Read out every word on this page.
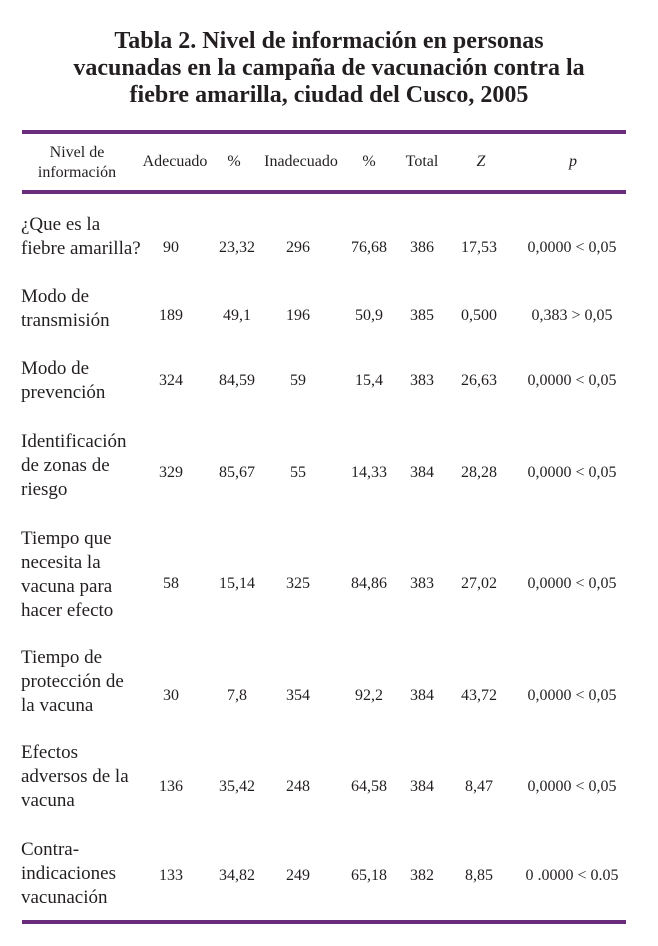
Tabla 2. Nivel de información en personas
vacunadas en la campaña de vacunación contra la
fiebre amarilla, ciudad del Cusco, 2005
Nivel de
información
Adecuado	%	Inadecuado	%	Total	Z	p
¿Que es la
fiebre amarilla?	90	23,32	296	76,68	386	17,53	0,0000 < 0,05
Modo de
transmisión	189	49,1	196	50,9	385	0,500	0,383 > 0,05
Modo de
prevención
324	84,59	59	15,4	383	26,63	0,0000 < 0,05
Identificación
de zonas de
riesgo
329	85,67	55	14,33	384	28,28	0,0000 < 0,05
Tiempo que
necesita la
vacuna para
hacer efecto
58	15,14	325	84,86	383	27,02	0,0000 < 0,05
Tiempo de
protección de
la vacuna	30	7,8	354	92,2	384	43,72	0,0000 < 0,05
Efectos
adversos de la
vacuna
136	35,42	248	64,58	384	8,47	0,0000 < 0,05
Contra-
indicaciones
vacunación
133	34,82	249	65,18	382	8,85	0 .0000 < 0.05
